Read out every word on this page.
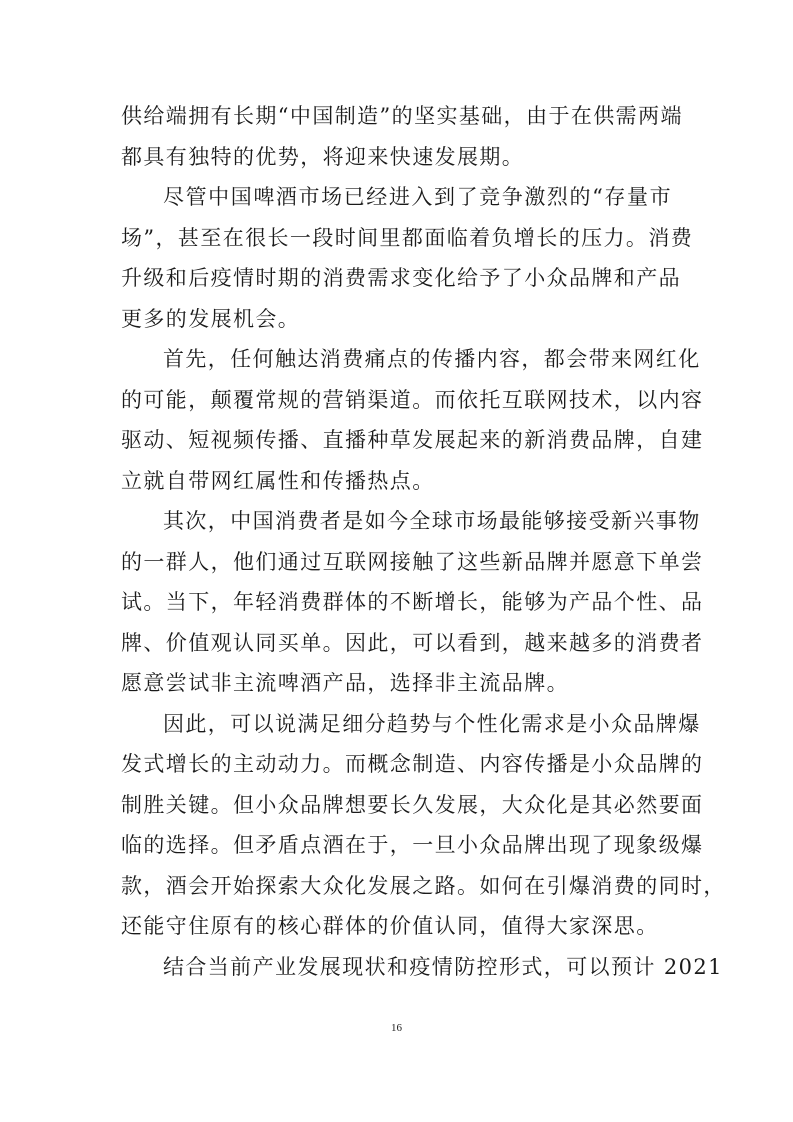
供给端拥有长期“中国制造”的坚实基础，由于在供需两端
都具有独特的优势，将迎来快速发展期。

尽管中国啤酒市场已经进入到了竞争激烈的“存量市
场”，甚至在很长一段时间里都面临着负增长的压力。消费
升级和后疫情时期的消费需求变化给予了小众品牌和产品
更多的发展机会。

首先，任何触达消费痛点的传播内容，都会带来网红化
的可能，颠覆常规的营销渠道。而依托互联网技术，以内容
驱动、短视频传播、直播种草发展起来的新消费品牌，自建
立就自带网红属性和传播热点。

其次，中国消费者是如今全球市场最能够接受新兴事物
的一群人，他们通过互联网接触了这些新品牌并愿意下单尝
试。当下，年轻消费群体的不断增长，能够为产品个性、品
牌、价值观认同买单。因此，可以看到，越来越多的消费者
愿意尝试非主流啤酒产品，选择非主流品牌。

因此，可以说满足细分趋势与个性化需求是小众品牌爆
发式增长的主动动力。而概念制造、内容传播是小众品牌的
制胜关键。但小众品牌想要长久发展，大众化是其必然要面
临的选择。但矛盾点酒在于，一旦小众品牌出现了现象级爆
款，酒会开始探索大众化发展之路。如何在引爆消费的同时，
还能守住原有的核心群体的价值认同，值得大家深思。

结合当前产业发展现状和疫情防控形式，可以预计 2021

16
